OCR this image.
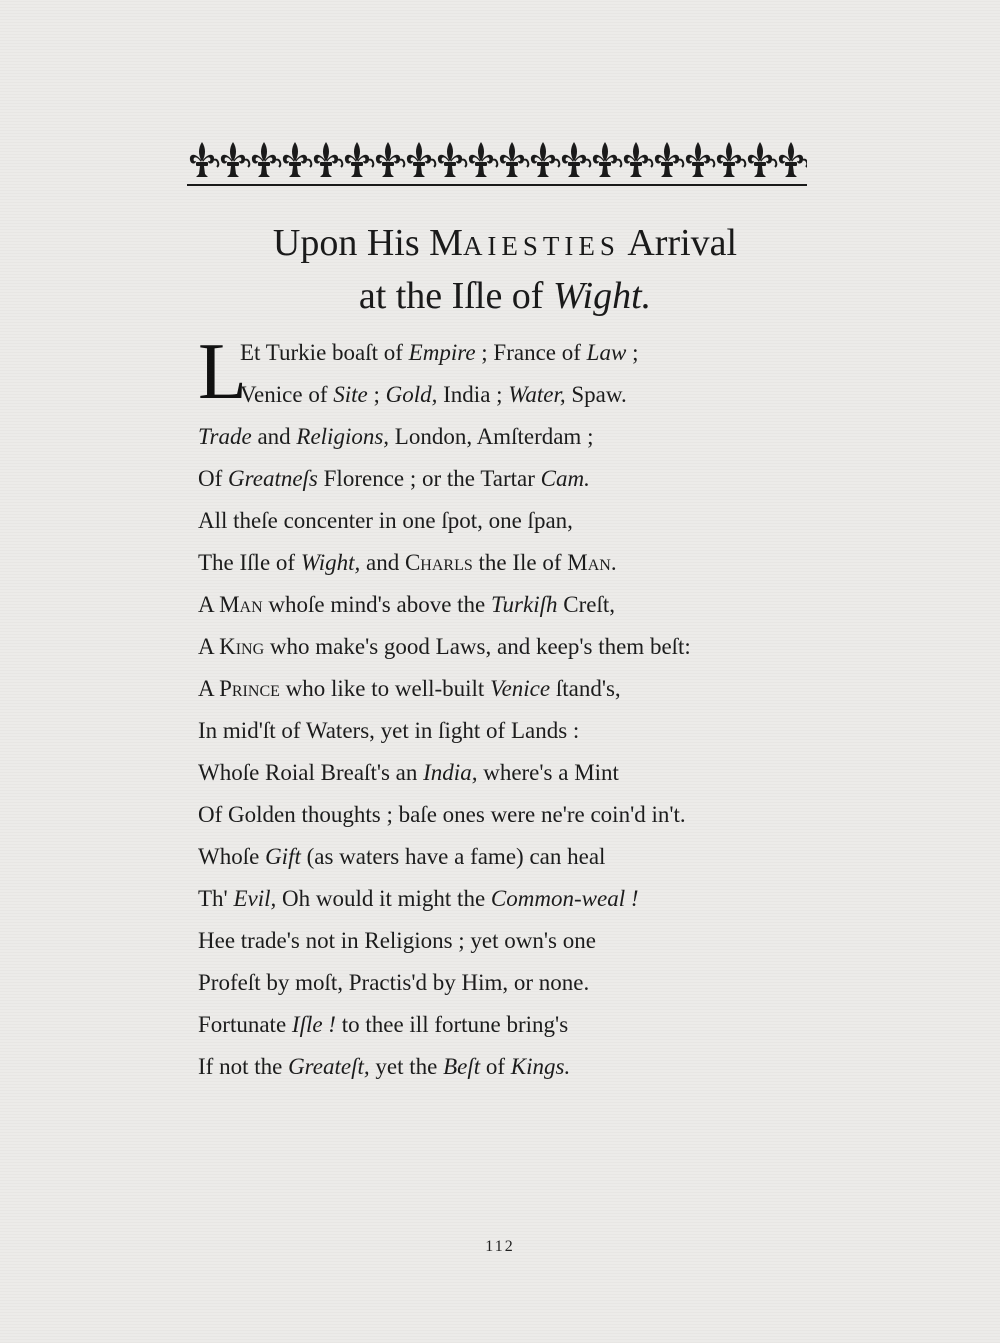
Upon His MAIESTIES Arrival
at the Iſle of Wight.
L
Et Turkie boaſt of Empire ; France of Law ;
Venice of Site ; Gold, India ; Water, Spaw.
Trade and Religions, London, Amſterdam ;
Of Greatneſs Florence ; or the Tartar Cam.
All theſe concenter in one ſpot, one ſpan,
The Iſle of Wight, and Charls the Ile of Man.
A Man whoſe mind's above the Turkiſh Creſt,
A King who make's good Laws, and keep's them beſt:
A Prince who like to well-built Venice ſtand's,
In mid'ſt of Waters, yet in ſight of Lands :
Whoſe Roial Breaſt's an India, where's a Mint
Of Golden thoughts ; baſe ones were ne're coin'd in't.
Whoſe Gift (as waters have a fame) can heal
Th' Evil, Oh would it might the Common-weal !
Hee trade's not in Religions ; yet own's one
Profeſt by moſt, Practis'd by Him, or none.
Fortunate Iſle ! to thee ill fortune bring's
If not the Greateſt, yet the Beſt of Kings.
112
